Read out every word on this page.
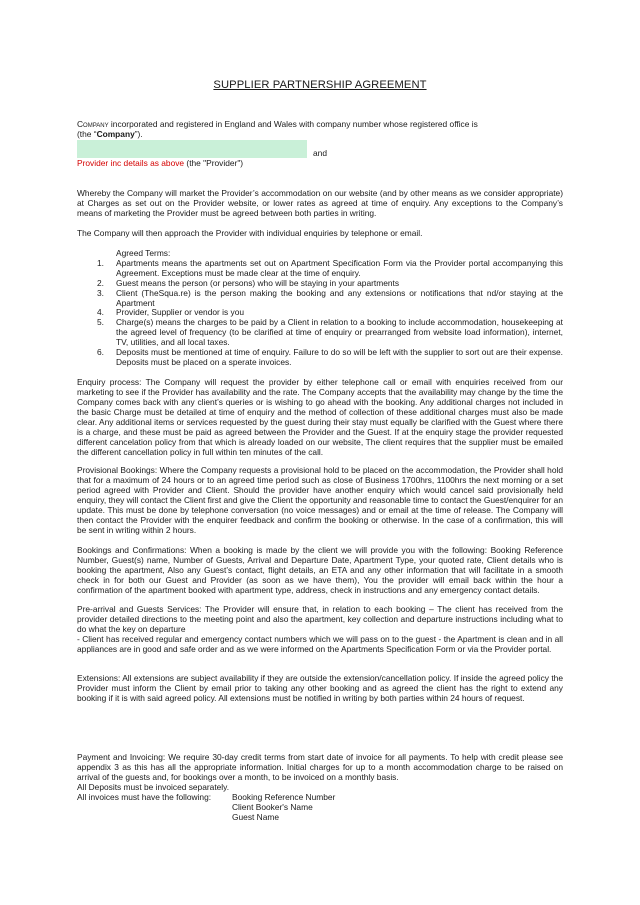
SUPPLIER PARTNERSHIP AGREEMENT
Company incorporated and registered in England and Wales with company number whose registered office is
(the “Company”).
and
Provider inc details as above (the "Provider")
Whereby the Company will market the Provider’s accommodation on our website (and by other means as we consider appropriate) at Charges as set out on the Provider website, or lower rates as agreed at time of enquiry. Any exceptions to the Company’s means of marketing the Provider must be agreed between both parties in writing.
The Company will then approach the Provider with individual enquiries by telephone or email.
Agreed Terms:
1.	Apartments means the apartments set out on Apartment Specification Form via the Provider portal accompanying this Agreement. Exceptions must be made clear at the time of enquiry.
2.	Guest means the person (or persons) who will be staying in your apartments
3.	Client (TheSqua.re) is the person making the booking and any extensions or notifications that nd/or staying at the Apartment
4.	Provider, Supplier or vendor is you
5.	Charge(s) means the charges to be paid by a Client in relation to a booking to include accommodation, housekeeping at the agreed level of frequency (to be clarified at time of enquiry or prearranged from website load information), internet, TV, utilities, and all local taxes.
6.	Deposits must be mentioned at time of enquiry. Failure to do so will be left with the supplier to sort out are their expense. Deposits must be placed on a sperate invoices.
Enquiry process: The Company will request the provider by either telephone call or email with enquiries received from our marketing to see if the Provider has availability and the rate. The Company accepts that the availability may change by the time the Company comes back with any client’s queries or is wishing to go ahead with the booking. Any additional charges not included in the basic Charge must be detailed at time of enquiry and the method of collection of these additional charges must also be made clear. Any additional items or services requested by the guest during their stay must equally be clarified with the Guest where there is a charge, and these must be paid as agreed between the Provider and the Guest. If at the enquiry stage the provider requested different cancelation policy from that which is already loaded on our website, The client requires that the supplier must be emailed the different cancellation policy in full within ten minutes of the call.
Provisional Bookings: Where the Company requests a provisional hold to be placed on the accommodation, the Provider shall hold that for a maximum of 24 hours or to an agreed time period such as close of Business 1700hrs, 1100hrs the next morning or a set period agreed with Provider and Client. Should the provider have another enquiry which would cancel said provisionally held enquiry, they will contact the Client first and give the Client the opportunity and reasonable time to contact the Guest/enquirer for an update. This must be done by telephone conversation (no voice messages) and or email at the time of release. The Company will then contact the Provider with the enquirer feedback and confirm the booking or otherwise. In the case of a confirmation, this will be sent in writing within 2 hours.
Bookings and Confirmations: When a booking is made by the client we will provide you with the following: Booking Reference Number, Guest(s) name, Number of Guests, Arrival and Departure Date, Apartment Type, your quoted rate, Client details who is booking the apartment, Also any Guest’s contact, flight details, an ETA and any other information that will facilitate in a smooth check in for both our Guest and Provider (as soon as we have them), You the provider will email back within the hour a confirmation of the apartment booked with apartment type, address, check in instructions and any emergency contact details.
Pre-arrival and Guests Services: The Provider will ensure that, in relation to each booking – The client has received from the provider detailed directions to the meeting point and also the apartment, key collection and departure instructions including what to do what the key on departure
- Client has received regular and emergency contact numbers which we will pass on to the guest - the Apartment is clean and in all appliances are in good and safe order and as we were informed on the Apartments Specification Form or via the Provider portal.
Extensions: All extensions are subject availability if they are outside the extension/cancellation policy. If inside the agreed policy the Provider must inform the Client by email prior to taking any other booking and as agreed the client has the right to extend any booking if it is with said agreed policy. All extensions must be notified in writing by both parties within 24 hours of request.
Payment and Invoicing: We require 30-day credit terms from start date of invoice for all payments. To help with credit please see appendix 3 as this has all the appropriate information. Initial charges for up to a month accommodation charge to be raised on arrival of the guests and, for bookings over a month, to be invoiced on a monthly basis.
All Deposits must be invoiced separately.
All invoices must have the following:	Booking Reference Number
Client Booker's Name
Guest Name
